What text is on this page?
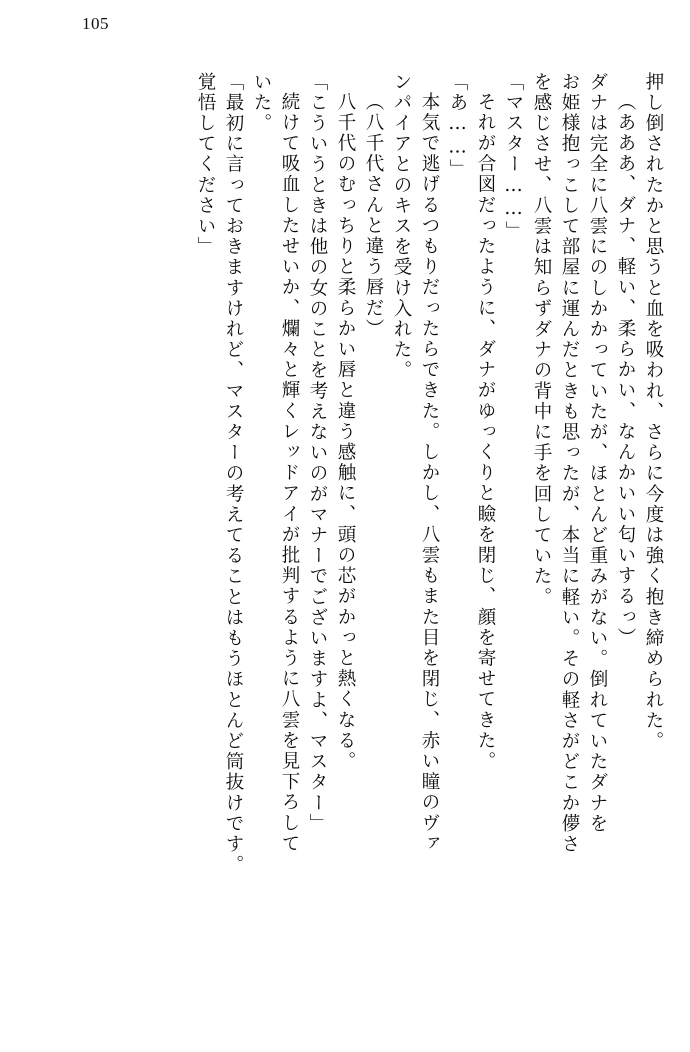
105
押し倒されたかと思うと血を吸われ、さらに今度は強く抱き締められた。
（あああ、ダナ、軽い、柔らかい、なんかいい匂いするっ）
ダナは完全に八雲にのしかかっていたが、ほとんど重みがない。倒れていたダナを
お姫様抱っこして部屋に運んだときも思ったが、本当に軽い。その軽さがどこか儚さ
を感じさせ、八雲は知らずダナの背中に手を回していた。
「マスター……」
それが合図だったように、ダナがゆっくりと瞼を閉じ、顔を寄せてきた。
「あ……」
本気で逃げるつもりだったらできた。しかし、八雲もまた目を閉じ、赤い瞳のヴァ
ンパイアとのキスを受け入れた。
（八千代さんと違う唇だ）
八千代のむっちりと柔らかい唇と違う感触に、頭の芯がかっと熱くなる。
「こういうときは他の女のことを考えないのがマナーでございますよ、マスター」
続けて吸血したせいか、爛々と輝くレッドアイが批判するように八雲を見下ろして
いた。
「最初に言っておきますけれど、マスターの考えてることはもうほとんど筒抜けです。
覚悟してください」
